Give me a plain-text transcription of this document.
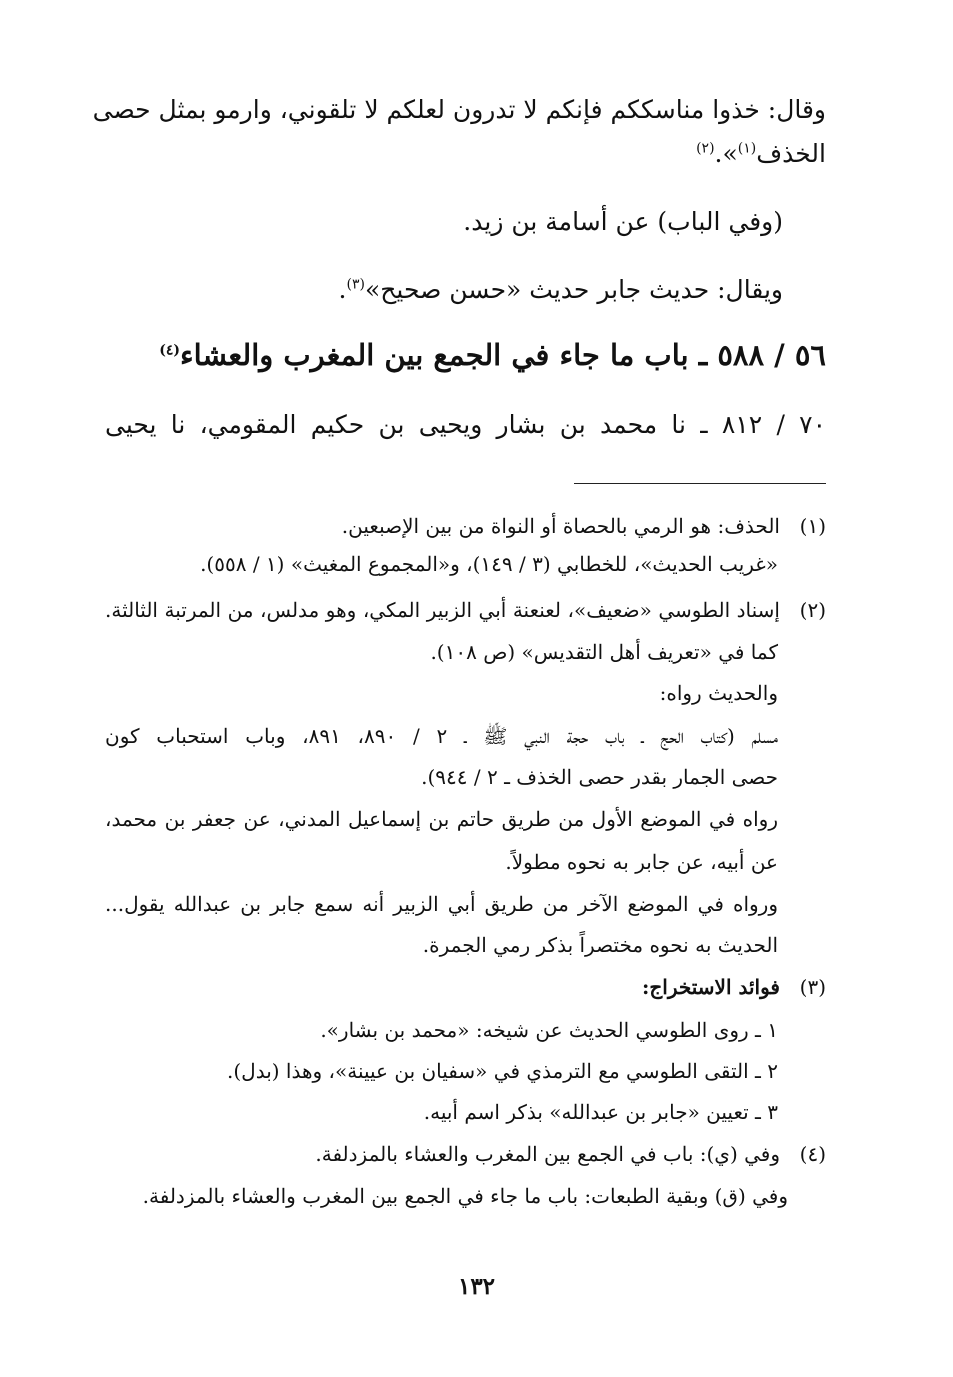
وقال: خذوا مناسككم فإنكم لا تدرون لعلكم لا تلقوني، وارمو بمثل حصى
الخذف$^{(١)}$».$^{(٢)}$
(وفي الباب) عن أسامة بن زيد.
ويقال: حديث جابر حديث «حسن صحيح»$^{(٣)}$.
٥٦ / ٥٨٨ ـ باب ما جاء في الجمع بين المغرب والعشاء$^{(٤)}$
٧٠ / ٨١٢ ـ نا محمد بن بشار ويحيى بن حكيم المقومي، نا يحيى
(١)الحذف: هو الرمي بالحصاة أو النواة من بين الإصبعين.
«غريب الحديث»، للخطابي (٣ / ١٤٩)، و«المجموع المغيث» (١ / ٥٥٨).
(٢)إسناد الطوسي «ضعيف»، لعنعنة أبي الزبير المكي، وهو مدلس، من المرتبة الثالثة.
كما في «تعريف أهل التقديس» (ص ١٠٨).
والحديث رواه:
مسلم (كتاب الحج ـ باب حجة النبي ﷺ ـ ٢ / ٨٩٠، ٨٩١، وباب استحباب كون
حصى الجمار بقدر حصى الخذف ـ ٢ / ٩٤٤).
رواه في الموضع الأول من طريق حاتم بن إسماعيل المدني، عن جعفر بن محمد،
عن أبيه، عن جابر به نحوه مطولاً.
ورواه في الموضع الآخر من طريق أبي الزبير أنه سمع جابر بن عبدالله يقول...
الحديث به نحوه مختصراً بذكر رمي الجمرة.
(٣)فوائد الاستخراج:
١ ـ روى الطوسي الحديث عن شيخه: «محمد بن بشار».
٢ ـ التقى الطوسي مع الترمذي في «سفيان بن عيينة»، وهذا (بدل).
٣ ـ تعيين «جابر بن عبدالله» بذكر اسم أبيه.
(٤)وفي (ي): باب في الجمع بين المغرب والعشاء بالمزدلفة.
وفي (ق) وبقية الطبعات: باب ما جاء في الجمع بين المغرب والعشاء بالمزدلفة.
١٣٢
